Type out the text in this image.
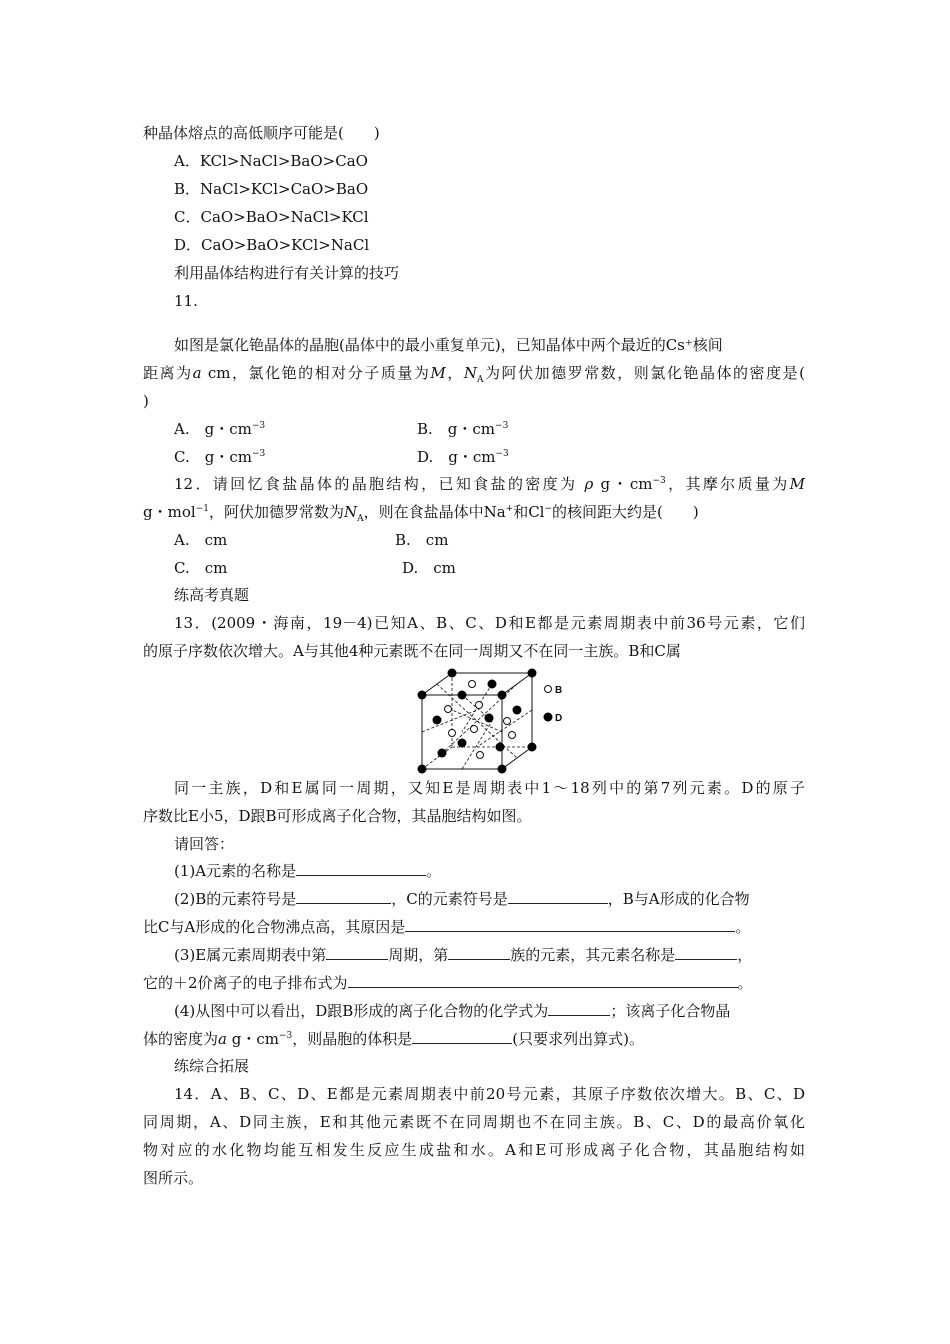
种晶体熔点的高低顺序可能是(　　)
A．KCl>NaCl>BaO>CaO
B．NaCl>KCl>CaO>BaO
C．CaO>BaO>NaCl>KCl
D．CaO>BaO>KCl>NaCl
利用晶体结构进行有关计算的技巧
11.
如图是氯化铯晶体的晶胞(晶体中的最小重复单元)，已知晶体中两个最近的Cs⁺核间
距离为a cm，氯化铯的相对分子质量为M，$N_A$为阿伏加德罗常数，则氯化铯晶体的密度是(
)
A.　g・$cm^{-3}$	B.　g・$cm^{-3}$
C.　g・$cm^{-3}$	D.　g・$cm^{-3}$
12．请回忆食盐晶体的晶胞结构，已知食盐的密度为 ρ g・$cm^{-3}$，其摩尔质量为M
g・mol$^{-1}$，阿伏加德罗常数为$N_A$，则在食盐晶体中Na+和Cl−的核间距大约是(　　)
A.　cm	B.　cm
C.　cm	D.　cm
练高考真题
13．(2009・海南，19－4)已知A、B、C、D和E都是元素周期表中前36号元素，它们
的原子序数依次增大。A与其他4种元素既不在同一周期又不在同一主族。B和C属
B
D
同一主族，D和E属同一周期，又知E是周期表中1～18列中的第7列元素。D的原子
序数比E小5，D跟B可形成离子化合物，其晶胞结构如图。
请回答：
(1)A元素的名称是	。
(2)B的元素符号是	，C的元素符号是	，B与A形成的化合物
比C与A形成的化合物沸点高，其原因是	。
(3)E属元素周期表中第	周期，第	族的元素，其元素名称是	，
它的＋2价离子的电子排布式为	。
(4)从图中可以看出，D跟B形成的离子化合物的化学式为	；该离子化合物晶
体的密度为a g・$cm^{-3}$，则晶胞的体积是	(只要求列出算式)。
练综合拓展
14．A、B、C、D、E都是元素周期表中前20号元素，其原子序数依次增大。B、C、D
同周期，A、D同主族，E和其他元素既不在同周期也不在同主族。B、C、D的最高价氧化
物对应的水化物均能互相发生反应生成盐和水。A和E可形成离子化合物，其晶胞结构如
图所示。
